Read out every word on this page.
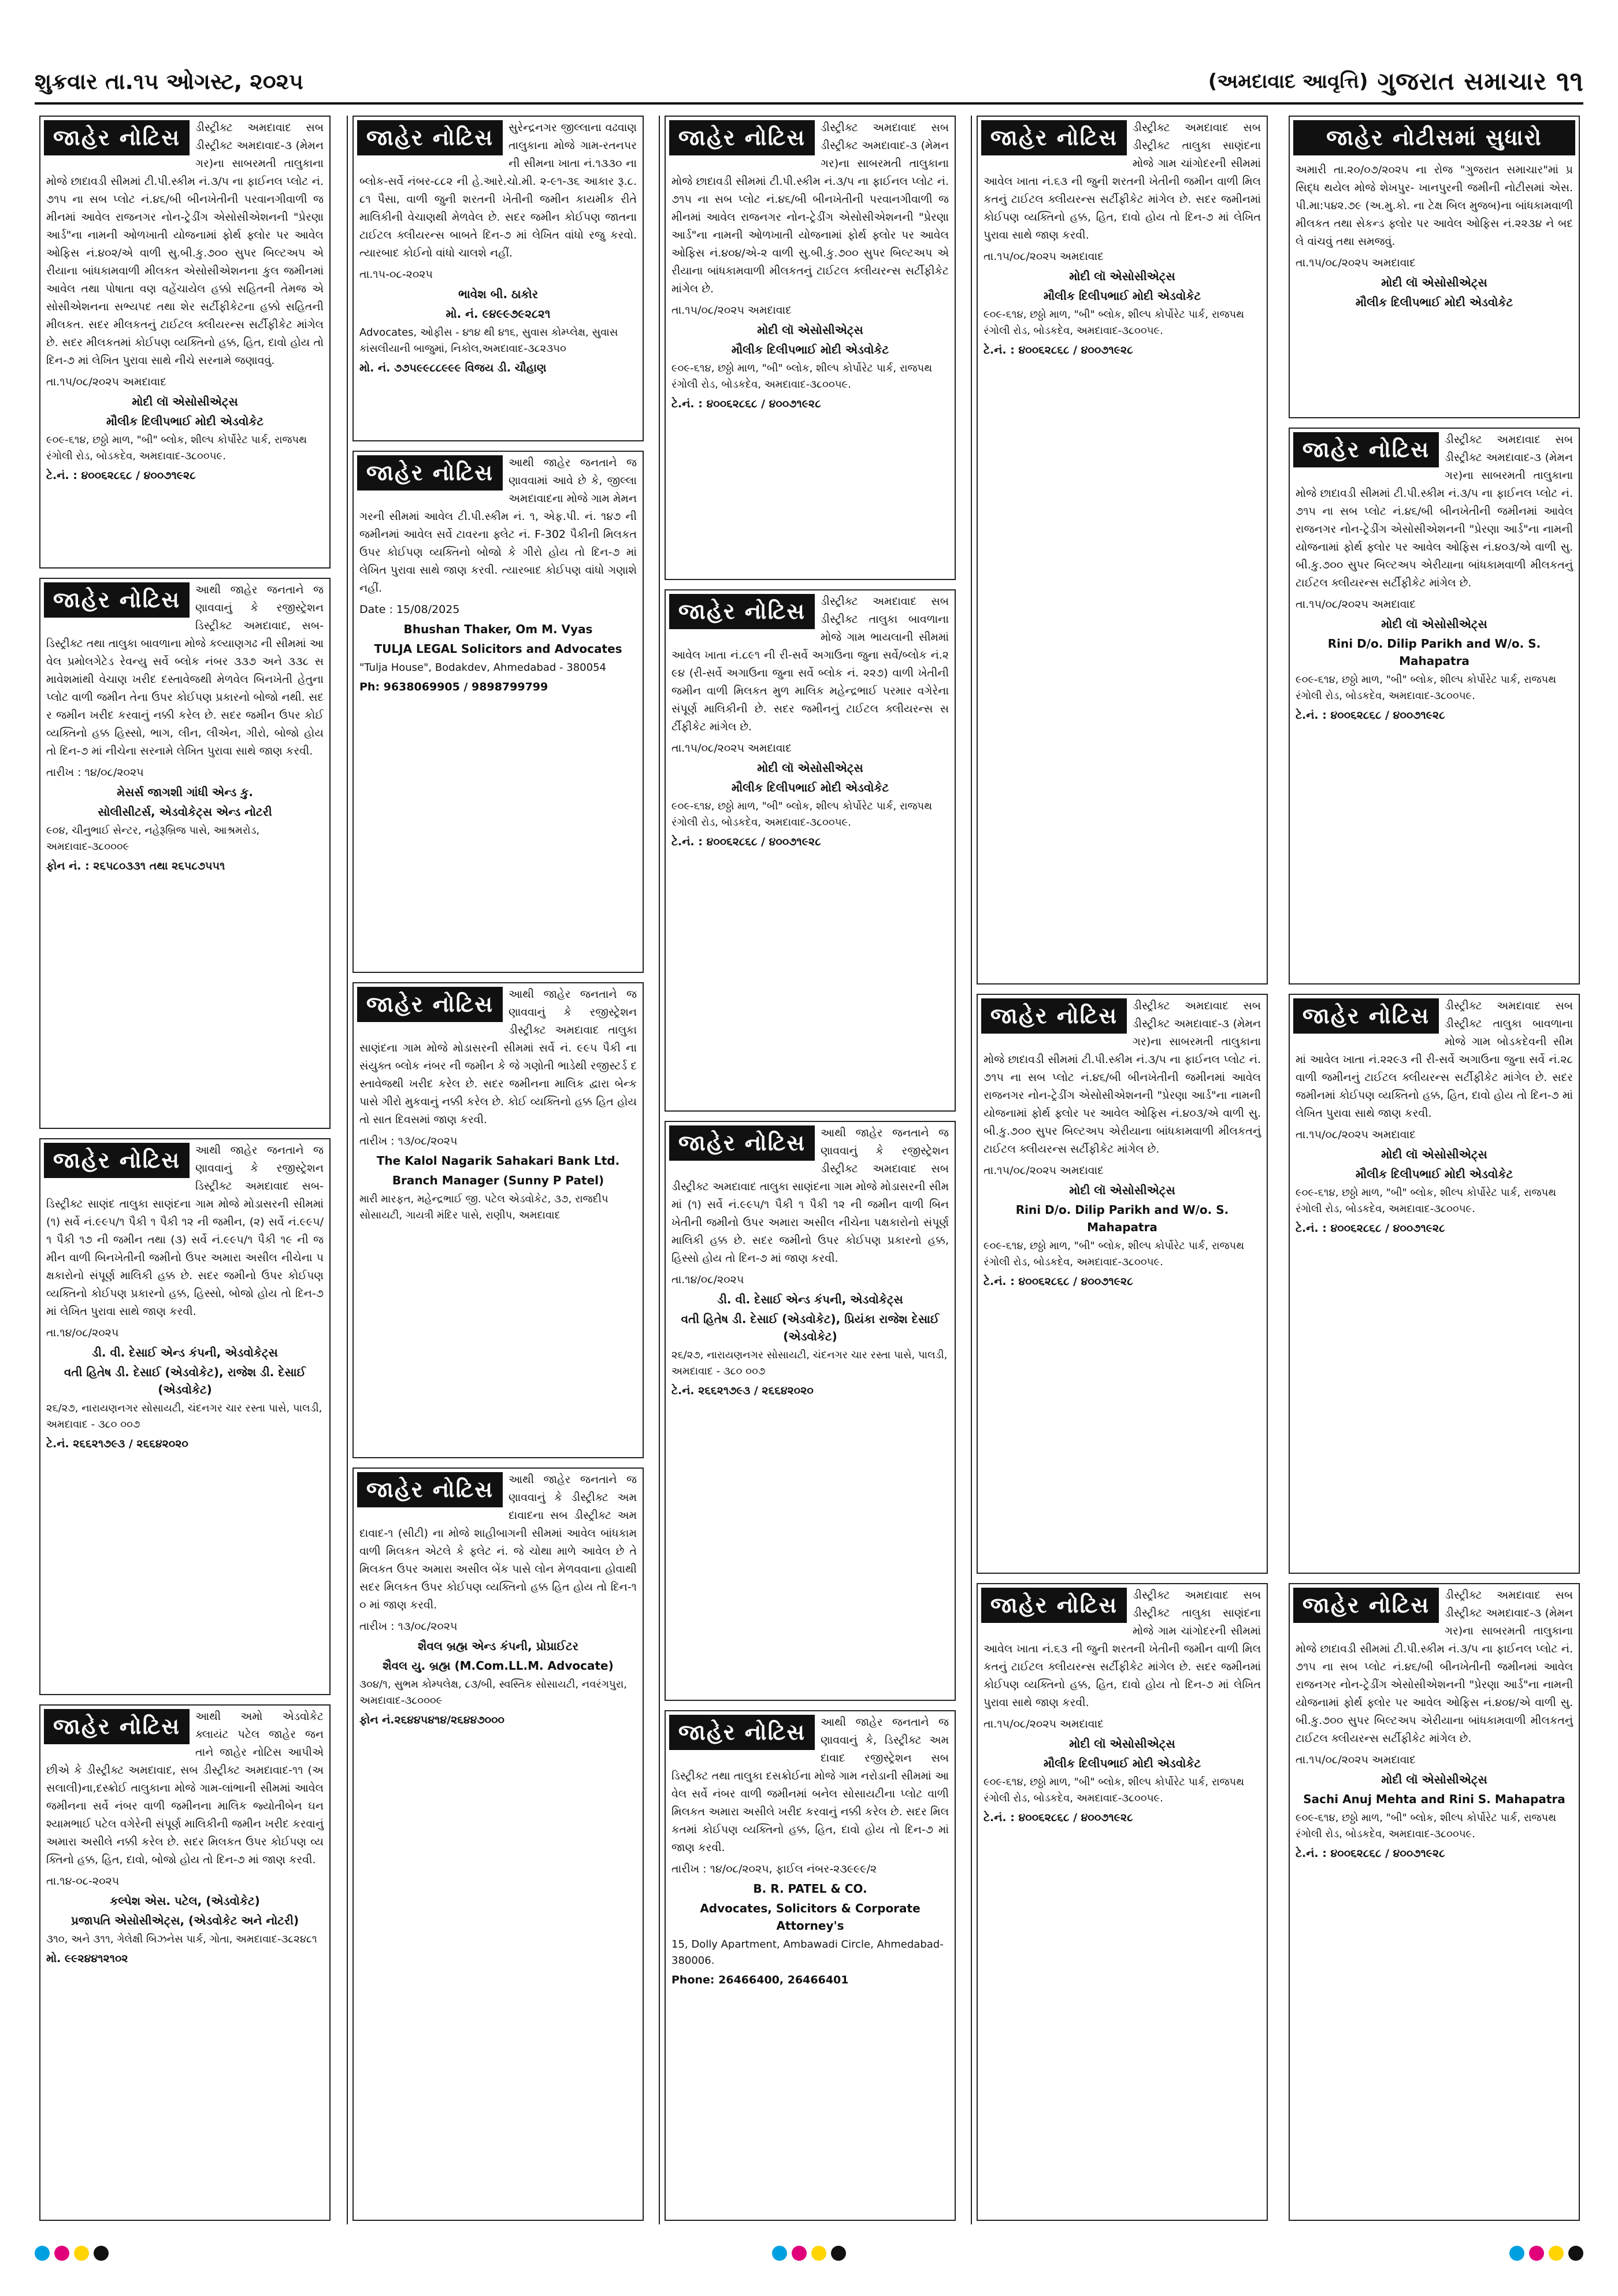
શુક્રવાર તા.૧૫ ઓગસ્ટ, ૨૦૨૫	(અમદાવાદ આવૃત્તિ) ગુજરાત સમાચાર ૧૧
જાહેર નોટિસ	ડીસ્ટ્રીક્ટ અમદાવાદ સબ ડીસ્ટ્રીક્ટ અમદાવાદ-૩ (મેમનગર)ના સાબરમતી તાલુકાના મોજે છાદાવડી સીમમાં ટી.પી.સ્કીમ નં.૩/૫ ના ફાઈનલ પ્લોટ નં.૭૧૫ ના સબ પ્લોટ નં.૪૬/બી બીનખેતીની પરવાનગીવાળી જમીનમાં આવેલ રાજનગર નોન-ટ્રેડીંગ એસોસીએશનની "પ્રેરણા આર્ડ"ના નામની ઓળખાતી યોજનામાં ફોર્થ ફ્લોર પર આવેલ ઓફિસ નં.૪૦૨/એ વાળી સુ.બી.કુ.૭૦૦ સુપર બિલ્ટઅપ એરીયાના બાંધકામવાળી મીલકત એસોસીએશનના કુલ જમીનમાં આવેલ તથા પોષાતા વણ વહેંચાયેલ હક્કો સહિતની તેમજ એસોસીએશનના સભ્યપદ તથા શેર સર્ટીફીકેટના હક્કો સહિતની મીલકત. સદર મીલકતનું ટાઈટલ ક્લીયરન્સ સર્ટીફીકેટ માંગેલ છે. સદર મીલકતમાં કોઈપણ વ્યક્તિનો હક્ક, હિત, દાવો હોય તો દિન-૭ માં લેખિત પુરાવા સાથે નીચે સરનામે જણાવવું.
તા.૧૫/૦૮/૨૦૨૫ અમદાવાદ
મોદી લૉ એસોસીએટ્સ
મૌલીક દિલીપભાઈ મોદી એડવોકેટ
૯૦૯-૬૧૪, છઠ્ઠો માળ, "બી" બ્લોક, શીલ્પ કોર્પોરેટ પાર્ક, રાજપથ રંગોલી રોડ, બોડકદેવ, અમદાવાદ-૩૮૦૦૫૯.
ટે.નં. : ૪૦૦૬૨૮૬૮ / ૪૦૦૭૧૯૨૮
જાહેર નોટિસ	આથી જાહેર જનતાને જણાવવાનું કે રજીસ્ટ્રેશન ડિસ્ટ્રીક્ટ અમદાવાદ, સબ-ડિસ્ટ્રીક્ટ તથા તાલુકા બાવળાના મોજે કલ્યાણગઢ ની સીમમાં આવેલ પ્રમોલગેટેડ રેવન્યુ સર્વે બ્લોક નંબર ૩૩૭ અને ૩૩૮ સમાવેશમાંથી વેચાણ ખરીદ દસ્તાવેજથી મેળવેલ બિનખેતી હેતુના પ્લોટ વાળી જમીન તેના ઉપર કોઈપણ પ્રકારનો બોજો નથી. સદર જમીન ખરીદ કરવાનું નક્કી કરેલ છે. સદર જમીન ઉપર કોઈ વ્યક્તિનો હક્ક હિસ્સો, ભાગ, લીન, લીએન, ગીરો, બોજો હોય તો દિન-૭ માં નીચેના સરનામે લેખિત પુરાવા સાથે જાણ કરવી.
તારીખ : ૧૪/૦૮/૨૦૨૫
મેસર્સ જાગશી ગાંધી એન્ડ કુ.
સોલીસીટર્સ, એડવોકેટ્સ એન્ડ નોટરી
૯૦૪, ચીનુભાઈ સેન્ટર, નહેરૂબ્રિજ પાસે, આશ્રમરોડ, અમદાવાદ-૩૮૦૦૦૯
ફોન નં. : ૨૬૫૮૦૩૩૧ તથા ૨૬૫૮૭૫૫૧
જાહેર નોટિસ	આથી જાહેર જનતાને જણાવવાનું કે રજીસ્ટ્રેશન ડિસ્ટ્રીક્ટ અમદાવાદ સબ-ડિસ્ટ્રીક્ટ સાણંદ તાલુકા સાણંદના ગામ મોજે મોડાસરની સીમમાં (૧) સર્વે નં.૯૯૫/૧ પૈકી ૧ પૈકી ૧૨ ની જમીન, (૨) સર્વે નં.૯૯૫/૧ પૈકી ૧૭ ની જમીન તથા (૩) સર્વે નં.૯૯૫/૧ પૈકી ૧૯ ની જમીન વાળી બિનખેતીની જમીનો ઉપર અમારા અસીલ નીચેના પક્ષકારોનો સંપૂર્ણ માલિકી હક્ક છે. સદર જમીનો ઉપર કોઈપણ વ્યક્તિનો કોઈપણ પ્રકારનો હક્ક, હિસ્સો, બોજો હોય તો દિન-૭ માં લેખિત પુરાવા સાથે જાણ કરવી.
તા.૧૪/૦૮/૨૦૨૫
ડી. વી. દેસાઈ એન્ડ કંપની, એડવોકેટ્સ
વતી હિતેષ ડી. દેસાઈ (એડવોકેટ), રાજેશ ડી. દેસાઈ (એડવોકેટ)
૨૬/૨૭, નારાયણનગર સોસાયટી, ચંદનગર ચાર રસ્તા પાસે, પાલડી, અમદાવાદ - ૩૮૦ ૦૦૭
ટે.નં. ૨૬૬૨૧૭૯૩ / ૨૬૬૪૨૦૨૦
જાહેર નોટિસ	આથી અમો એડવોકેટ ક્લાયંટ પટેલ જાહેર જનતાને જાહેર નોટિસ આપીએ છીએ કે ડીસ્ટ્રીક્ટ અમદાવાદ, સબ ડીસ્ટ્રીક્ટ અમદાવાદ-૧૧ (અસલાલી)ના,દસ્ક્રોઈ તાલુકાના મોજે ગામ-લાંભાની સીમમાં આવેલ જમીનના સર્વે નંબર વાળી જમીનના માલિક જ્યોતીબેન ઘનશ્યામભાઈ પટેલ વગેરેની સંપૂર્ણ માલિકીની જમીન ખરીદ કરવાનું અમારા અસીલે નક્કી કરેલ છે. સદર મિલકત ઉપર કોઈપણ વ્યક્તિનો હક્ક, હિત, દાવો, બોજો હોય તો દિન-૭ માં જાણ કરવી.
તા.૧૪-૦૮-૨૦૨૫
કલ્પેશ એસ. પટેલ, (એડવોકેટ)
પ્રજાપતિ એસોસીએટ્સ, (એડવોકેટ અને નોટરી)
૩૧૦, અને ૩૧૧, ગેલેક્ષી બિઝનેસ પાર્ક, ગોતા, અમદાવાદ-૩૮૨૪૮૧
મો. ૯૯૨૪૪૧૨૧૦૨
જાહેર નોટિસ	સુરેન્દ્રનગર જીલ્લાના વઢવાણ તાલુકાના મોજે ગામ-રતનપરની સીમના ખાતા નં.૧૩૩૦ ના બ્લોક-સર્વે નંબર-૮૮૨ ની હે.આરે.ચો.મી. ૨-૯૧-૩૬ આકાર રૂ.૮.૮૧ પૈસા, વાળી જુની શરતની ખેતીની જમીન કાયમીક રીતે માલિકીની વેચાણથી મેળવેલ છે. સદર જમીન કોઈપણ જાતના ટાઈટલ ક્લીયરન્સ બાબતે દિન-૭ માં લેખિત વાંધો રજુ કરવો. ત્યારબાદ કોઈનો વાંધો ચાલશે નહીં.
તા.૧૫-૦૮-૨૦૨૫
ભાવેશ બી. ઠાકોર
મો. નં. ૯૪૯૯૭૯૨૮૨૧
Advocates, ઓફીસ - ૪૧૪ થી ૪૧૬, સુવાસ કોમ્પ્લેક્ષ, સુવાસ કાંસલીયાની બાજુમાં, નિકોલ,અમદાવાદ-૩૮૨૩૫૦
મો. નં. ૭૭૫૯૯૮૮૯૯૯ વિજય ડી. ચૌહાણ
જાહેર નોટિસ	આથી જાહેર જનતાને જણાવવામાં આવે છે કે, જીલ્લા અમદાવાદના મોજે ગામ મેમનગરની સીમમાં આવેલ ટી.પી.સ્કીમ નં. ૧, એફ.પી. નં. ૧૪૭ ની જમીનમાં આવેલ સર્વે ટાવરના ફ્લેટ નં. F-302 પૈકીની મિલકત ઉપર કોઈપણ વ્યક્તિનો બોજો કે ગીરો હોય તો દિન-૭ માં લેખિત પુરાવા સાથે જાણ કરવી. ત્યારબાદ કોઈપણ વાંધો ગણાશે નહીં.
Date : 15/08/2025
Bhushan Thaker, Om M. Vyas
TULJA LEGAL Solicitors and Advocates
"Tulja House", Bodakdev, Ahmedabad - 380054
Ph: 9638069905 / 9898799799
જાહેર નોટિસ	આથી જાહેર જનતાને જણાવવાનું કે રજીસ્ટ્રેશન ડીસ્ટ્રીક્ટ અમદાવાદ તાલુકા સાણંદના ગામ મોજે મોડાસરની સીમમાં સર્વે નં. ૯૯૫ પૈકી ના સંયુક્ત બ્લોક નંબર ની જમીન કે જે ગણોતી ભાડેથી રજીસ્ટર્ડ દસ્તાવેજથી ખરીદ કરેલ છે. સદર જમીનના માલિક દ્વારા બેન્ક પાસે ગીરો મુકવાનું નક્કી કરેલ છે. કોઈ વ્યક્તિનો હક્ક હિત હોય તો સાત દિવસમાં જાણ કરવી.
તારીખ : ૧૩/૦૮/૨૦૨૫
The Kalol Nagarik Sahakari Bank Ltd.
Branch Manager (Sunny P Patel)
મારી મારફત, મહેન્દ્રભાઈ જી. પટેલ એડવોકેટ, ૩૭, રાજદીપ સોસાયટી, ગાયત્રી મંદિર પાસે, રાણીપ, અમદાવાદ
જાહેર નોટિસ	આથી જાહેર જનતાને જણાવવાનું કે ડીસ્ટ્રીક્ટ અમદાવાદના સબ ડીસ્ટ્રીક્ટ અમદાવાદ-૧ (સીટી) ના મોજે શાહીબાગની સીમમાં આવેલ બાંધકામવાળી મિલકત એટલે કે ફ્લેટ નં. જે ચોથા માળે આવેલ છે તે મિલકત ઉપર અમારા અસીલ બેંક પાસે લોન મેળવવાના હોવાથી સદર મિલકત ઉપર કોઈપણ વ્યક્તિનો હક્ક હિત હોય તો દિન-૧૦ માં જાણ કરવી.
તારીખ : ૧૩/૦૮/૨૦૨૫
શૈવલ બ્રહ્મ એન્ડ કંપની, પ્રોપ્રાઈટર
શૈવલ યુ. બ્રહ્મ (M.Com.LL.M. Advocate)
૩૦૪/૧, સુભમ કોમ્પલેક્ષ, ૮૩/બી, સ્વસ્તિક સોસાયટી, નવરંગપુરા, અમદાવાદ-૩૮૦૦૦૯
ફોન નં.૨૬૪૪૫૪૧૪/૨૬૪૪૭૦૦૦
જાહેર નોટિસ	ડીસ્ટ્રીક્ટ અમદાવાદ સબ ડીસ્ટ્રીક્ટ અમદાવાદ-૩ (મેમનગર)ના સાબરમતી તાલુકાના મોજે છાદાવડી સીમમાં ટી.પી.સ્કીમ નં.૩/૫ ના ફાઈનલ પ્લોટ નં.૭૧૫ ના સબ પ્લોટ નં.૪૬/બી બીનખેતીની પરવાનગીવાળી જમીનમાં આવેલ રાજનગર નોન-ટ્રેડીંગ એસોસીએશનની "પ્રેરણા આર્ડ"ના નામની ઓળખાતી યોજનામાં ફોર્થ ફ્લોર પર આવેલ ઓફિસ નં.૪૦૪/એ-૨ વાળી સુ.બી.કુ.૭૦૦ સુપર બિલ્ટઅપ એરીયાના બાંધકામવાળી મીલકતનું ટાઈટલ ક્લીયરન્સ સર્ટીફીકેટ માંગેલ છે.
તા.૧૫/૦૮/૨૦૨૫ અમદાવાદ
મોદી લૉ એસોસીએટ્સ
મૌલીક દિલીપભાઈ મોદી એડવોકેટ
૯૦૯-૬૧૪, છઠ્ઠો માળ, "બી" બ્લોક, શીલ્પ કોર્પોરેટ પાર્ક, રાજપથ રંગોલી રોડ, બોડકદેવ, અમદાવાદ-૩૮૦૦૫૯.
ટે.નં. : ૪૦૦૬૨૮૬૮ / ૪૦૦૭૧૯૨૮
જાહેર નોટિસ	ડીસ્ટ્રીક્ટ અમદાવાદ સબ ડીસ્ટ્રીક્ટ તાલુકા બાવળાના મોજે ગામ ભાયલાની સીમમાં આવેલ ખાતા નં.૮૯૧ ની રી-સર્વે અગાઉના જુના સર્વે/બ્લોક નં.૨૯૪ (રી-સર્વે અગાઉના જુના સર્વે બ્લોક નં. ૨૨૭) વાળી ખેતીની જમીન વાળી મિલકત મુળ માલિક મહેન્દ્રભાઈ પરમાર વગેરેના સંપૂર્ણ માલિકીની છે. સદર જમીનનું ટાઈટલ ક્લીયરન્સ સર્ટીફીકેટ માંગેલ છે.
તા.૧૫/૦૮/૨૦૨૫ અમદાવાદ
મોદી લૉ એસોસીએટ્સ
મૌલીક દિલીપભાઈ મોદી એડવોકેટ
૯૦૯-૬૧૪, છઠ્ઠો માળ, "બી" બ્લોક, શીલ્પ કોર્પોરેટ પાર્ક, રાજપથ રંગોલી રોડ, બોડકદેવ, અમદાવાદ-૩૮૦૦૫૯.
ટે.નં. : ૪૦૦૬૨૮૬૮ / ૪૦૦૭૧૯૨૮
જાહેર નોટિસ	આથી જાહેર જનતાને જણાવવાનું કે રજીસ્ટ્રેશન ડીસ્ટ્રીક્ટ અમદાવાદ સબ ડીસ્ટ્રીક્ટ અમદાવાદ તાલુકા સાણંદના ગામ મોજે મોડાસરની સીમમાં (૧) સર્વે નં.૯૯૫/૧ પૈકી ૧ પૈકી ૧૨ ની જમીન વાળી બિનખેતીની જમીનો ઉપર અમારા અસીલ નીચેના પક્ષકારોનો સંપૂર્ણ માલિકી હક્ક છે. સદર જમીનો ઉપર કોઈપણ પ્રકારનો હક્ક, હિસ્સો હોય તો દિન-૭ માં જાણ કરવી.
તા.૧૪/૦૮/૨૦૨૫
ડી. વી. દેસાઈ એન્ડ કંપની, એડવોકેટ્સ
વતી હિતેષ ડી. દેસાઈ (એડવોકેટ), પ્રિયંકા રાજેશ દેસાઈ (એડવોકેટ)
૨૬/૨૭, નારાયણનગર સોસાયટી, ચંદનગર ચાર રસ્તા પાસે, પાલડી, અમદાવાદ - ૩૮૦ ૦૦૭
ટે.નં. ૨૬૬૨૧૭૯૩ / ૨૬૬૪૨૦૨૦
જાહેર નોટિસ	આથી જાહેર જનતાને જણાવવાનું કે, ડિસ્ટ્રીક્ટ અમદાવાદ રજીસ્ટ્રેશન સબ ડિસ્ટ્રીક્ટ તથા તાલુકા દસક્રોઈના મોજે ગામ નરોડાની સીમમાં આવેલ સર્વે નંબર વાળી જમીનમાં બનેલ સોસાયટીના પ્લોટ વાળી મિલકત અમારા અસીલે ખરીદ કરવાનું નક્કી કરેલ છે. સદર મિલકતમાં કોઈપણ વ્યક્તિનો હક્ક, હિત, દાવો હોય તો દિન-૭ માં જાણ કરવી.
તારીખ : ૧૪/૦૮/૨૦૨૫, ફાઈલ નંબર-૨૩૯૯૯/૨
B. R. PATEL & CO.
Advocates, Solicitors & Corporate Attorney's
15, Dolly Apartment, Ambawadi Circle, Ahmedabad-380006.
Phone: 26466400, 26466401
જાહેર નોટીસમાં સુધારો
અમારી તા.૨૦/૦૭/૨૦૨૫ ના રોજ "ગુજરાત સમાચાર"માં પ્રસિદ્ધ થયેલ મોજે શેખપુર- ખાનપુરની જમીની નોટીસમાં એસ.પી.મા:૫૪૨.૭૯ (અ.મુ.કો. ના ટેક્ષ બિલ મુજબ)ના બાંધકામવાળી મીલકત તથા સેકન્ડ ફ્લોર પર આવેલ ઓફિસ નં.૨૨૩૪ ને બદલે વાંચવું તથા સમજવું.
તા.૧૫/૦૮/૨૦૨૫ અમદાવાદ
મોદી લૉ એસોસીએટ્સ
મૌલીક દિલીપભાઈ મોદી એડવોકેટ
જાહેર નોટિસ	ડીસ્ટ્રીક્ટ અમદાવાદ સબ ડીસ્ટ્રીક્ટ તાલુકા સાણંદના મોજે ગામ ચાંગોદરની સીમમાં આવેલ ખાતા નં.૬૩ ની જુની શરતની ખેતીની જમીન વાળી મિલકતનું ટાઈટલ ક્લીયરન્સ સર્ટીફીકેટ માંગેલ છે. સદર જમીનમાં કોઈપણ વ્યક્તિનો હક્ક, હિત, દાવો હોય તો દિન-૭ માં લેખિત પુરાવા સાથે જાણ કરવી.
તા.૧૫/૦૮/૨૦૨૫ અમદાવાદ
મોદી લૉ એસોસીએટ્સ
મૌલીક દિલીપભાઈ મોદી એડવોકેટ
૯૦૯-૬૧૪, છઠ્ઠો માળ, "બી" બ્લોક, શીલ્પ કોર્પોરેટ પાર્ક, રાજપથ રંગોલી રોડ, બોડકદેવ, અમદાવાદ-૩૮૦૦૫૯.
ટે.નં. : ૪૦૦૬૨૮૬૮ / ૪૦૦૭૧૯૨૮
જાહેર નોટિસ	ડીસ્ટ્રીક્ટ અમદાવાદ સબ ડીસ્ટ્રીક્ટ અમદાવાદ-૩ (મેમનગર)ના સાબરમતી તાલુકાના મોજે છાદાવડી સીમમાં ટી.પી.સ્કીમ નં.૩/૫ ના ફાઈનલ પ્લોટ નં.૭૧૫ ના સબ પ્લોટ નં.૪૬/બી બીનખેતીની જમીનમાં આવેલ રાજનગર નોન-ટ્રેડીંગ એસોસીએશનની "પ્રેરણા આર્ડ"ના નામની યોજનામાં ફોર્થ ફ્લોર પર આવેલ ઓફિસ નં.૪૦૩/એ વાળી સુ.બી.કુ.૭૦૦ સુપર બિલ્ટઅપ એરીયાના બાંધકામવાળી મીલકતનું ટાઈટલ ક્લીયરન્સ સર્ટીફીકેટ માંગેલ છે.
તા.૧૫/૦૮/૨૦૨૫ અમદાવાદ
મોદી લૉ એસોસીએટ્સ
Rini D/o. Dilip Parikh and W/o. S. Mahapatra
૯૦૯-૬૧૪, છઠ્ઠો માળ, "બી" બ્લોક, શીલ્પ કોર્પોરેટ પાર્ક, રાજપથ રંગોલી રોડ, બોડકદેવ, અમદાવાદ-૩૮૦૦૫૯.
ટે.નં. : ૪૦૦૬૨૮૬૮ / ૪૦૦૭૧૯૨૮
જાહેર નોટિસ	ડીસ્ટ્રીક્ટ અમદાવાદ સબ ડીસ્ટ્રીક્ટ તાલુકા બાવળાના મોજે ગામ બોડકદેવની સીમમાં આવેલ ખાતા નં.૨૨૯૩ ની રી-સર્વે અગાઉના જુના સર્વે નં.૨૮ વાળી જમીનનું ટાઈટલ ક્લીયરન્સ સર્ટીફીકેટ માંગેલ છે. સદર જમીનમાં કોઈપણ વ્યક્તિનો હક્ક, હિત, દાવો હોય તો દિન-૭ માં લેખિત પુરાવા સાથે જાણ કરવી.
તા.૧૫/૦૮/૨૦૨૫ અમદાવાદ
મોદી લૉ એસોસીએટ્સ
મૌલીક દિલીપભાઈ મોદી એડવોકેટ
૯૦૯-૬૧૪, છઠ્ઠો માળ, "બી" બ્લોક, શીલ્પ કોર્પોરેટ પાર્ક, રાજપથ રંગોલી રોડ, બોડકદેવ, અમદાવાદ-૩૮૦૦૫૯.
ટે.નં. : ૪૦૦૬૨૮૬૮ / ૪૦૦૭૧૯૨૮
જાહેર નોટિસ	ડીસ્ટ્રીક્ટ અમદાવાદ સબ ડીસ્ટ્રીક્ટ અમદાવાદ-૩ (મેમનગર)ના સાબરમતી તાલુકાના મોજે છાદાવડી સીમમાં ટી.પી.સ્કીમ નં.૩/૫ ના ફાઈનલ પ્લોટ નં.૭૧૫ ના સબ પ્લોટ નં.૪૬/બી બીનખેતીની જમીનમાં આવેલ રાજનગર નોન-ટ્રેડીંગ એસોસીએશનની "પ્રેરણા આર્ડ"ના નામની યોજનામાં ફોર્થ ફ્લોર પર આવેલ ઓફિસ નં.૪૦૩/એ વાળી સુ.બી.કુ.૭૦૦ સુપર બિલ્ટઅપ એરીયાના બાંધકામવાળી મીલકતનું ટાઈટલ ક્લીયરન્સ સર્ટીફીકેટ માંગેલ છે.
તા.૧૫/૦૮/૨૦૨૫ અમદાવાદ
મોદી લૉ એસોસીએટ્સ
Rini D/o. Dilip Parikh and W/o. S. Mahapatra
૯૦૯-૬૧૪, છઠ્ઠો માળ, "બી" બ્લોક, શીલ્પ કોર્પોરેટ પાર્ક, રાજપથ રંગોલી રોડ, બોડકદેવ, અમદાવાદ-૩૮૦૦૫૯.
ટે.નં. : ૪૦૦૬૨૮૬૮ / ૪૦૦૭૧૯૨૮
જાહેર નોટિસ	ડીસ્ટ્રીક્ટ અમદાવાદ સબ ડીસ્ટ્રીક્ટ અમદાવાદ-૩ (મેમનગર)ના સાબરમતી તાલુકાના મોજે છાદાવડી સીમમાં ટી.પી.સ્કીમ નં.૩/૫ ના ફાઈનલ પ્લોટ નં.૭૧૫ ના સબ પ્લોટ નં.૪૬/બી બીનખેતીની જમીનમાં આવેલ રાજનગર નોન-ટ્રેડીંગ એસોસીએશનની "પ્રેરણા આર્ડ"ના નામની યોજનામાં ફોર્થ ફ્લોર પર આવેલ ઓફિસ નં.૪૦૪/એ વાળી સુ.બી.કુ.૭૦૦ સુપર બિલ્ટઅપ એરીયાના બાંધકામવાળી મીલકતનું ટાઈટલ ક્લીયરન્સ સર્ટીફીકેટ માંગેલ છે.
તા.૧૫/૦૮/૨૦૨૫ અમદાવાદ
મોદી લૉ એસોસીએટ્સ
Sachi Anuj Mehta and Rini S. Mahapatra
૯૦૯-૬૧૪, છઠ્ઠો માળ, "બી" બ્લોક, શીલ્પ કોર્પોરેટ પાર્ક, રાજપથ રંગોલી રોડ, બોડકદેવ, અમદાવાદ-૩૮૦૦૫૯.
ટે.નં. : ૪૦૦૬૨૮૬૮ / ૪૦૦૭૧૯૨૮
જાહેર નોટિસ	ડીસ્ટ્રીક્ટ અમદાવાદ સબ ડીસ્ટ્રીક્ટ તાલુકા સાણંદના મોજે ગામ ચાંગોદરની સીમમાં આવેલ ખાતા નં.૬૩ ની જુની શરતની ખેતીની જમીન વાળી મિલકતનું ટાઈટલ ક્લીયરન્સ સર્ટીફીકેટ માંગેલ છે. સદર જમીનમાં કોઈપણ વ્યક્તિનો હક્ક, હિત, દાવો હોય તો દિન-૭ માં લેખિત પુરાવા સાથે જાણ કરવી.
તા.૧૫/૦૮/૨૦૨૫ અમદાવાદ
મોદી લૉ એસોસીએટ્સ
મૌલીક દિલીપભાઈ મોદી એડવોકેટ
૯૦૯-૬૧૪, છઠ્ઠો માળ, "બી" બ્લોક, શીલ્પ કોર્પોરેટ પાર્ક, રાજપથ રંગોલી રોડ, બોડકદેવ, અમદાવાદ-૩૮૦૦૫૯.
ટે.નં. : ૪૦૦૬૨૮૬૮ / ૪૦૦૭૧૯૨૮
